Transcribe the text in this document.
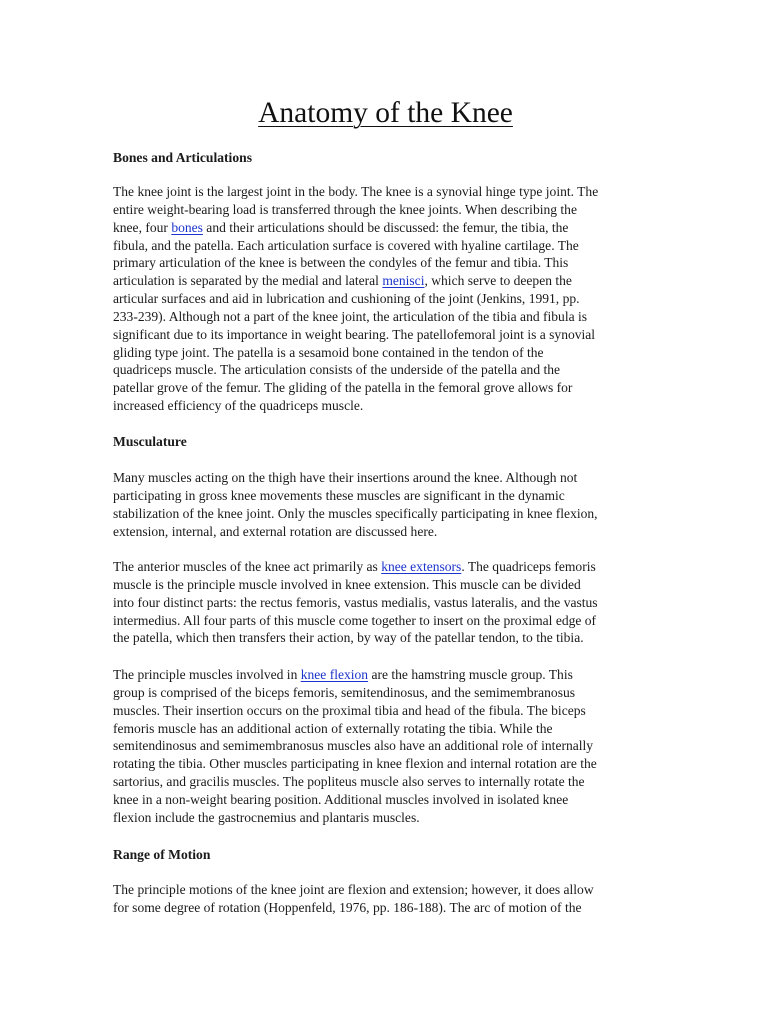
Anatomy of the Knee
Bones and Articulations
The knee joint is the largest joint in the body. The knee is a synovial hinge type joint. The
entire weight-bearing load is transferred through the knee joints. When describing the
knee, four bones and their articulations should be discussed: the femur, the tibia, the
fibula, and the patella. Each articulation surface is covered with hyaline cartilage. The
primary articulation of the knee is between the condyles of the femur and tibia. This
articulation is separated by the medial and lateral menisci, which serve to deepen the
articular surfaces and aid in lubrication and cushioning of the joint (Jenkins, 1991, pp.
233-239). Although not a part of the knee joint, the articulation of the tibia and fibula is
significant due to its importance in weight bearing. The patellofemoral joint is a synovial
gliding type joint. The patella is a sesamoid bone contained in the tendon of the
quadriceps muscle. The articulation consists of the underside of the patella and the
patellar grove of the femur. The gliding of the patella in the femoral grove allows for
increased efficiency of the quadriceps muscle.
Musculature
Many muscles acting on the thigh have their insertions around the knee. Although not
participating in gross knee movements these muscles are significant in the dynamic
stabilization of the knee joint. Only the muscles specifically participating in knee flexion,
extension, internal, and external rotation are discussed here.
The anterior muscles of the knee act primarily as knee extensors. The quadriceps femoris
muscle is the principle muscle involved in knee extension. This muscle can be divided
into four distinct parts: the rectus femoris, vastus medialis, vastus lateralis, and the vastus
intermedius. All four parts of this muscle come together to insert on the proximal edge of
the patella, which then transfers their action, by way of the patellar tendon, to the tibia.
The principle muscles involved in knee flexion are the hamstring muscle group. This
group is comprised of the biceps femoris, semitendinosus, and the semimembranosus
muscles. Their insertion occurs on the proximal tibia and head of the fibula. The biceps
femoris muscle has an additional action of externally rotating the tibia. While the
semitendinosus and semimembranosus muscles also have an additional role of internally
rotating the tibia. Other muscles participating in knee flexion and internal rotation are the
sartorius, and gracilis muscles. The popliteus muscle also serves to internally rotate the
knee in a non-weight bearing position. Additional muscles involved in isolated knee
flexion include the gastrocnemius and plantaris muscles.
Range of Motion
The principle motions of the knee joint are flexion and extension; however, it does allow
for some degree of rotation (Hoppenfeld, 1976, pp. 186-188). The arc of motion of the
